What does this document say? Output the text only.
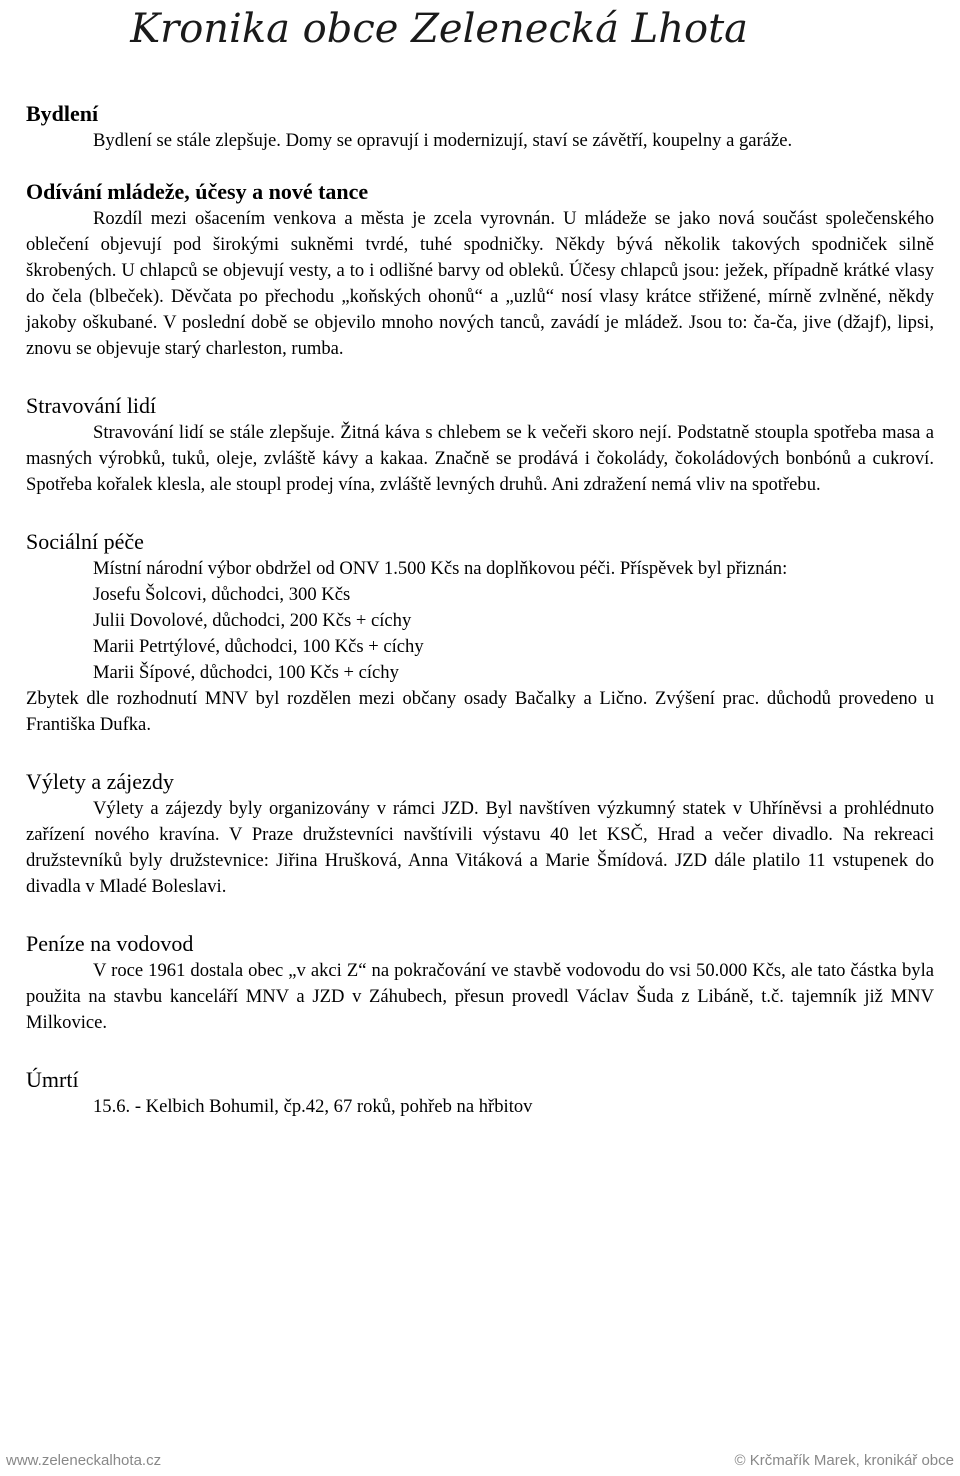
Kronika obce Zelenecká Lhota
Bydlení

Bydlení se stále zlepšuje. Domy se opravují i modernizují, staví se závětří, koupelny a garáže.

Odívání mládeže, účesy a nové tance

Rozdíl mezi ošacením venkova a města je zcela vyrovnán. U mládeže se jako nová součást společenského oblečení objevují pod širokými sukněmi tvrdé, tuhé spodničky. Někdy bývá několik takových spodniček silně škrobených. U chlapců se objevují vesty, a to i odlišné barvy od obleků. Účesy chlapců jsou: ježek, případně krátké vlasy do čela (blbeček). Děvčata po přechodu „koňských ohonů“ a „uzlů“ nosí vlasy krátce střižené, mírně zvlněné, někdy jakoby oškubané. V poslední době se objevilo mnoho nových tanců, zavádí je mládež. Jsou to: ča-ča, jive (džajf), lipsi, znovu se objevuje starý charleston, rumba.

Stravování lidí

Stravování lidí se stále zlepšuje. Žitná káva s chlebem se k večeři skoro nejí. Podstatně stoupla spotřeba masa a masných výrobků, tuků, oleje, zvláště kávy a kakaa. Značně se prodává i čokolády, čokoládových bonbónů a cukroví. Spotřeba kořalek klesla, ale stoupl prodej vína, zvláště levných druhů. Ani zdražení nemá vliv na spotřebu.

Sociální péče

Místní národní výbor obdržel od ONV 1.500 Kčs na doplňkovou péči. Příspěvek byl přiznán:

Josefu Šolcovi, důchodci, 300 Kčs

Julii Dovolové, důchodci, 200 Kčs + cíchy

Marii Petrtýlové, důchodci, 100 Kčs + cíchy

Marii Šípové, důchodci, 100 Kčs + cíchy

Zbytek dle rozhodnutí MNV byl rozdělen mezi občany osady Bačalky a Lično. Zvýšení prac. důchodů provedeno u Františka Dufka.

Výlety a zájezdy

Výlety a zájezdy byly organizovány v rámci JZD. Byl navštíven výzkumný statek v Uhříněvsi a prohlédnuto zařízení nového kravína. V Praze družstevníci navštívili výstavu 40 let KSČ, Hrad a večer divadlo. Na rekreaci družstevníků byly družstevnice: Jiřina Hrušková, Anna Vitáková a Marie Šmídová. JZD dále platilo 11 vstupenek do divadla v Mladé Boleslavi.

Peníze na vodovod

V roce 1961 dostala obec „v akci Z“ na pokračování ve stavbě vodovodu do vsi 50.000 Kčs, ale tato částka byla použita na stavbu kanceláří MNV a JZD v Záhubech, přesun provedl Václav Šuda z Libáně, t.č. tajemník již MNV Milkovice.

Úmrtí

15.6. - Kelbich Bohumil, čp.42, 67 roků, pohřeb na hřbitov

www.zeleneckalhota.cz	© Krčmařík Marek, kronikář obce
